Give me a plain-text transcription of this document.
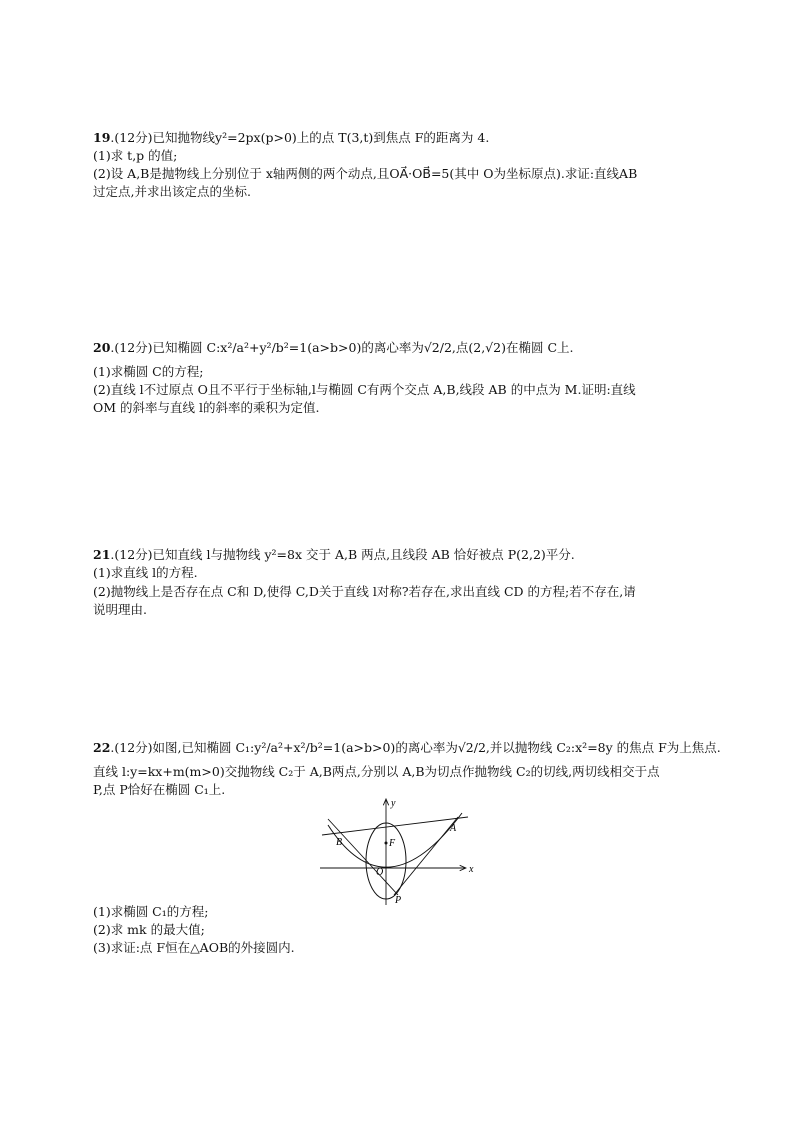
19.(12分)已知抛物线y²=2px(p>0)上的点 T(3,t)到焦点 F的距离为 4.
(1)求 t,p 的值;
(2)设 A,B是抛物线上分别位于 x轴两侧的两个动点,且OA⃗·OB⃗=5(其中 O为坐标原点).求证:直线AB
过定点,并求出该定点的坐标.
20.(12分)已知椭圆 C:x²/a²+y²/b²=1(a>b>0)的离心率为√2/2,点(2,√2)在椭圆 C上.
(1)求椭圆 C的方程;
(2)直线 l不过原点 O且不平行于坐标轴,l与椭圆 C有两个交点 A,B,线段 AB 的中点为 M.证明:直线
OM 的斜率与直线 l的斜率的乘积为定值.
21.(12分)已知直线 l与抛物线 y²=8x 交于 A,B 两点,且线段 AB 恰好被点 P(2,2)平分.
(1)求直线 l的方程.
(2)抛物线上是否存在点 C和 D,使得 C,D关于直线 l对称?若存在,求出直线 CD 的方程;若不存在,请
说明理由.
22.(12分)如图,已知椭圆 C₁:y²/a²+x²/b²=1(a>b>0)的离心率为√2/2,并以抛物线 C₂:x²=8y 的焦点 F为上焦点.
直线 l:y=kx+m(m>0)交抛物线 C₂于 A,B两点,分别以 A,B为切点作抛物线 C₂的切线,两切线相交于点
P,点 P恰好在椭圆 C₁上.
x
y
O
F
A
B
P
(1)求椭圆 C₁的方程;
(2)求 mk 的最大值;
(3)求证:点 F恒在△AOB的外接圆内.
